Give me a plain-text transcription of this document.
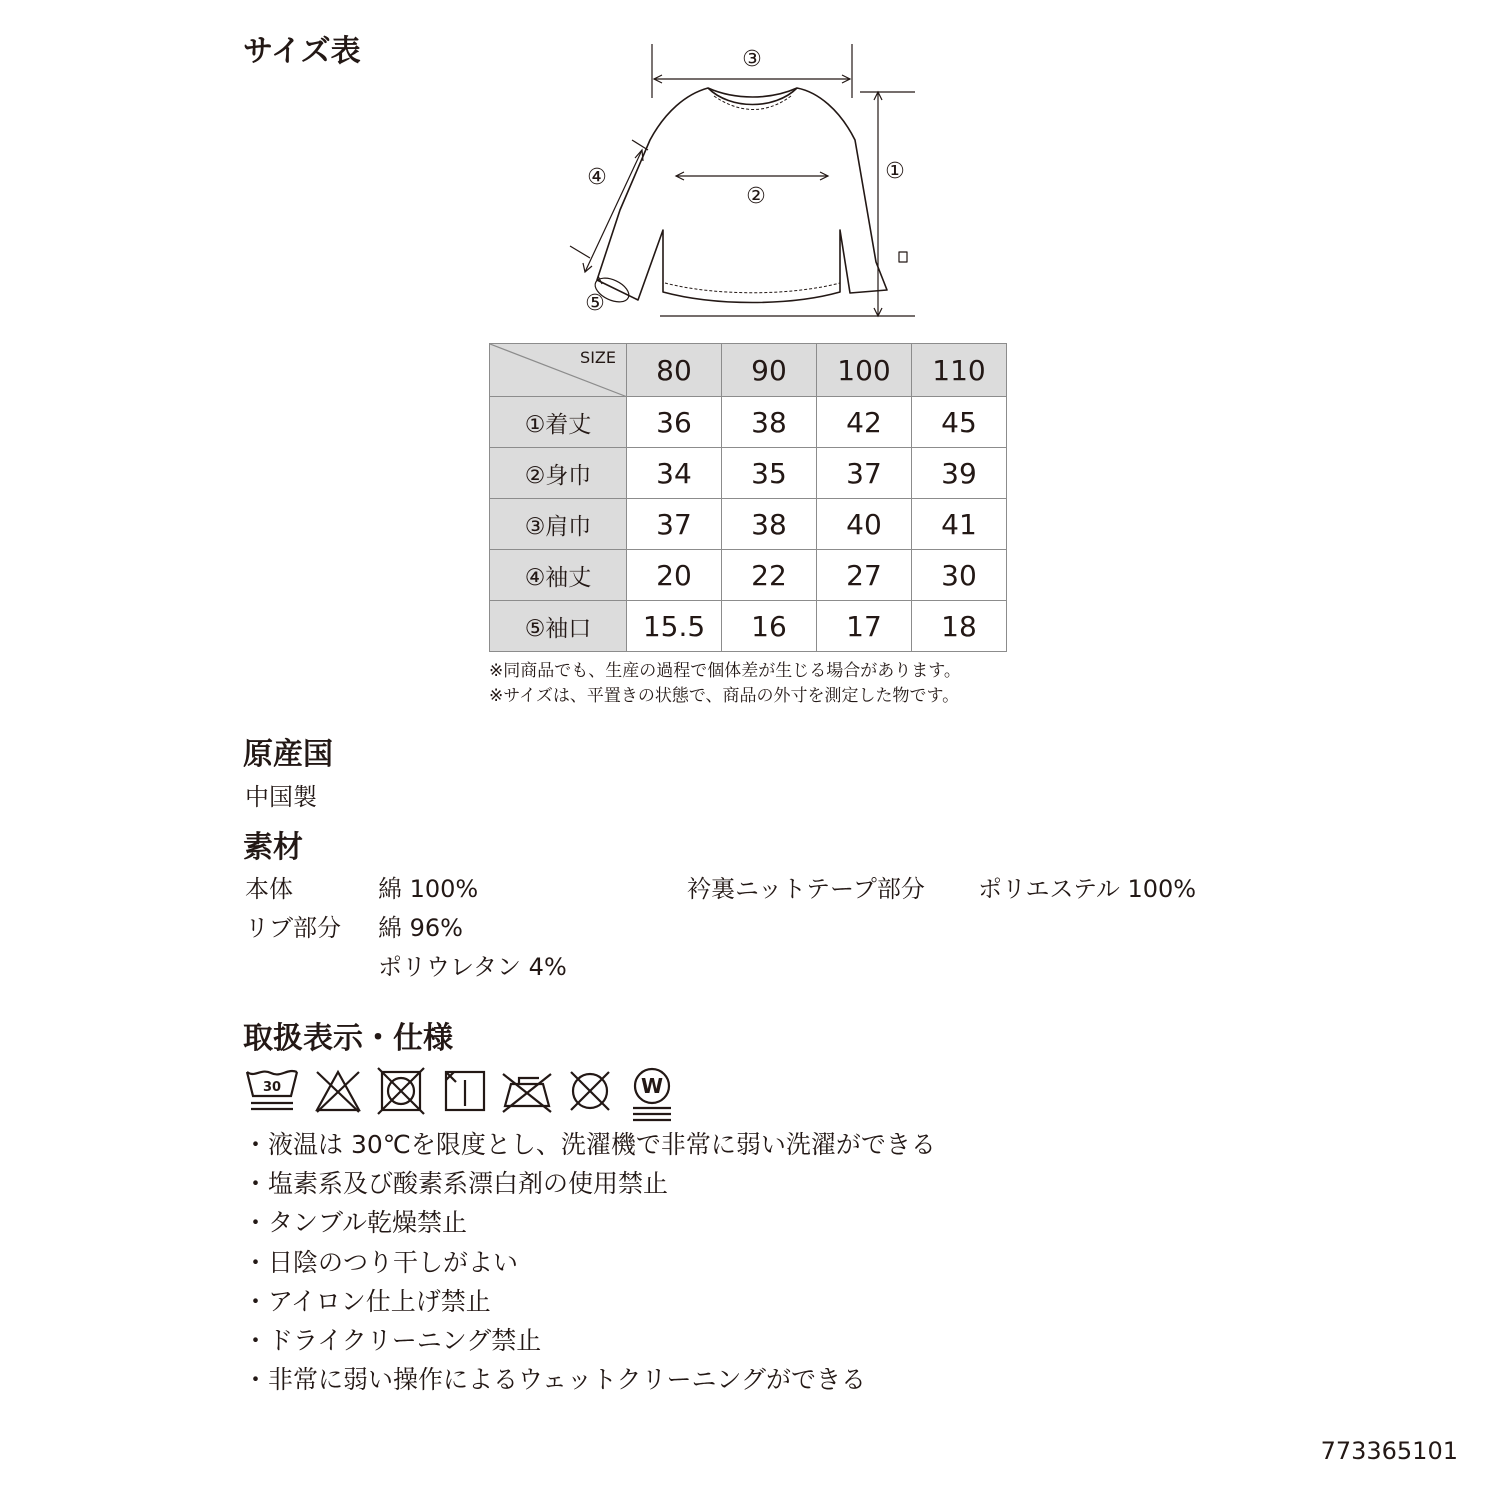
サイズ表	③
②
①
④
⑤
SIZE	80	90	100	110
①着丈	36	38	42	45
②身巾	34	35	37	39
③肩巾	37	38	40	41
④袖丈	20	22	27	30
⑤袖口	15.5	16	17	18
※同商品でも、生産の過程で個体差が生じる場合があります。
※サイズは、平置きの状態で、商品の外寸を測定した物です。
原産国
中国製
素材
本体	綿 100%	衿裏ニットテープ部分 ポリエステル 100%
リブ部分 綿 96%
ポリウレタン 4%
取扱表示・仕様
30	W
・液温は 30℃を限度とし、洗濯機で非常に弱い洗濯ができる
・塩素系及び酸素系漂白剤の使用禁止
・タンブル乾燥禁止
・日陰のつり干しがよい
・アイロン仕上げ禁止
・ドライクリーニング禁止
・非常に弱い操作によるウェットクリーニングができる
773365101
